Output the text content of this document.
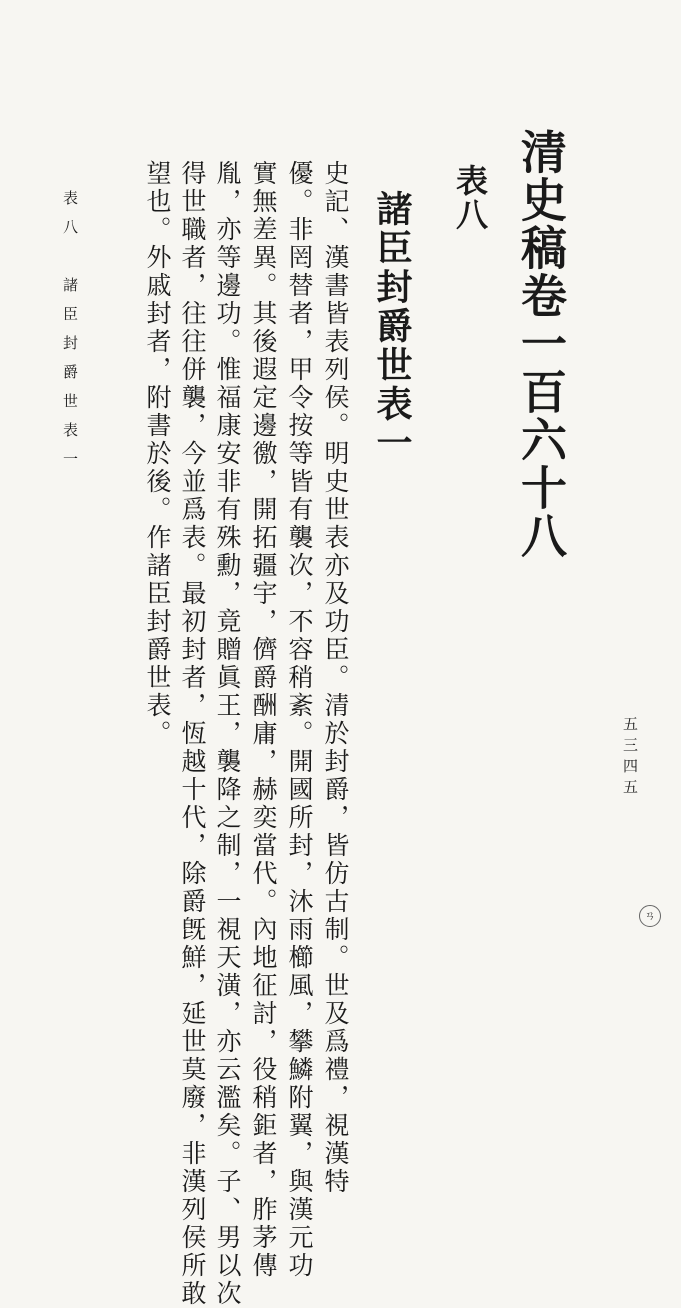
清史稿卷一百六十八
表八
諸臣封爵世表一
史記、漢書皆表列侯。明史世表亦及功臣。清於封爵，皆仿古制。世及爲禮，視漢特
優。非罔替者，甲令按等皆有襲次，不容稍紊。開國所封，沐雨櫛風，攀鱗附翼，與漢元功
實無差異。其後遐定邊徼，開拓疆宇，儕爵酬庸，赫奕當代。內地征討，役稍鉅者，胙茅傳
胤，亦等邊功。惟福康安非有殊勳，竟贈眞王，襲降之制，一視天潢，亦云濫矣。子、男以次
得世職者，往往併襲，今並爲表。最初封者，恆越十代，除爵旣鮮，延世莫廢，非漢列侯所敢
望也。外戚封者，附書於後。作諸臣封爵世表。
表八　諸臣封爵世表一
五三四五
ㄢ
